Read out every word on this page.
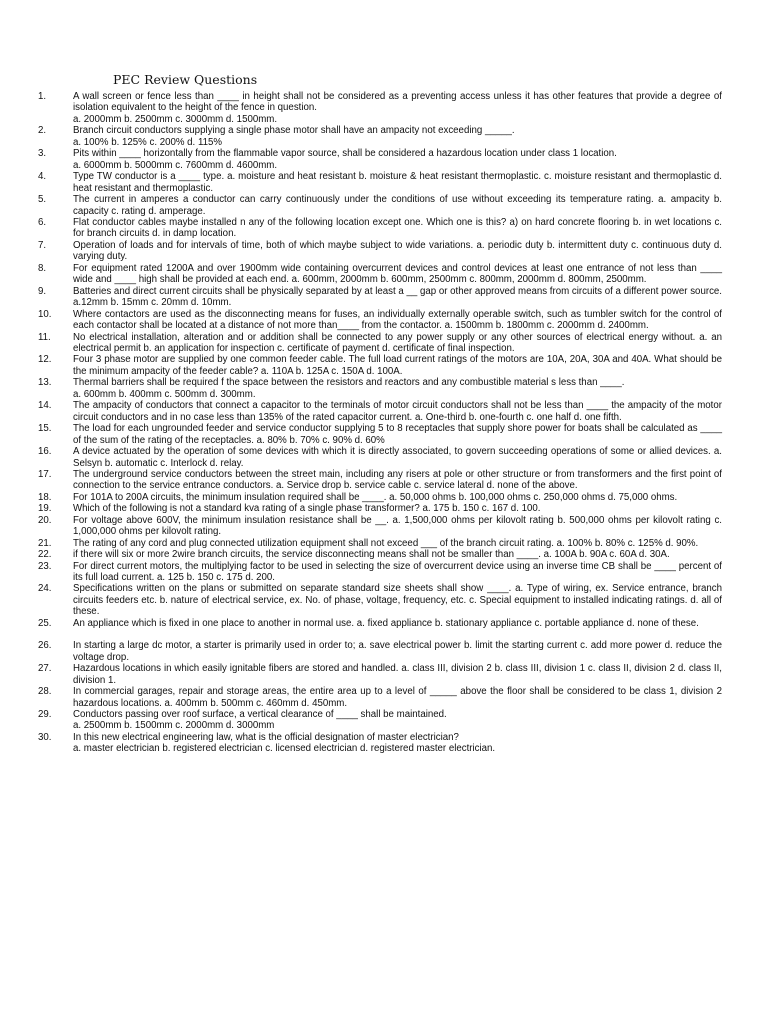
PEC Review Questions
1.	A wall screen or fence less than ____ in height shall not be considered as a preventing access unless it has other features that provide a degree of isolation equivalent to the height of the fence in question.
a. 2000mm b. 2500mm c. 3000mm d. 1500mm.
2.	Branch circuit conductors supplying a single phase motor shall have an ampacity not exceeding _____.
a. 100% b. 125% c. 200% d. 115%
3.	Pits within ____ horizontally from the flammable vapor source, shall be considered a hazardous location under class 1 location.
a. 6000mm b. 5000mm c. 7600mm d. 4600mm.
4.	Type TW conductor is a ____ type. a. moisture and heat resistant b. moisture & heat resistant thermoplastic. c. moisture resistant and thermoplastic d. heat resistant and thermoplastic.
5.	The current in amperes a conductor can carry continuously under the conditions of use without exceeding its temperature rating. a. ampacity b. capacity c. rating d. amperage.
6.	Flat conductor cables maybe installed n any of the following location except one. Which one is this? a) on hard concrete flooring b. in wet locations c. for branch circuits d. in damp location.
7.	Operation of loads and for intervals of time, both of which maybe subject to wide variations. a. periodic duty b. intermittent duty c. continuous duty d. varying duty.
8.	For equipment rated 1200A and over 1900mm wide containing overcurrent devices and control devices at least one entrance of not less than ____ wide and ____ high shall be provided at each end. a. 600mm, 2000mm b. 600mm, 2500mm c. 800mm, 2000mm d. 800mm, 2500mm.
9.	Batteries and direct current circuits shall be physically separated by at least a __ gap or other approved means from circuits of a different power source. a.12mm b. 15mm c. 20mm d. 10mm.
10. Where contactors are used as the disconnecting means for fuses, an individually externally operable switch, such as tumbler switch for the control of each contactor shall be located at a distance of not more than____ from the contactor. a. 1500mm b. 1800mm c. 2000mm d. 2400mm.
11. No electrical installation, alteration and or addition shall be connected to any power supply or any other sources of electrical energy without. a. an electrical permit b. an application for inspection c. certificate of payment d. certificate of final inspection.
12. Four 3 phase motor are supplied by one common feeder cable. The full load current ratings of the motors are 10A, 20A, 30A and 40A. What should be the minimum ampacity of the feeder cable? a. 110A b. 125A c. 150A d. 100A.
13. Thermal barriers shall be required f the space between the resistors and reactors and any combustible material s less than ____.
a. 600mm b. 400mm c. 500mm d. 300mm.
14. The ampacity of conductors that connect a capacitor to the terminals of motor circuit conductors shall not be less than ____ the ampacity of the motor circuit conductors and in no case less than 135% of the rated capacitor current. a. One-third b. one-fourth c. one half d. one fifth.
15. The load for each ungrounded feeder and service conductor supplying 5 to 8 receptacles that supply shore power for boats shall be calculated as ____ of the sum of the rating of the receptacles. a. 80% b. 70% c. 90% d. 60%
16. A device actuated by the operation of some devices with which it is directly associated, to govern succeeding operations of some or allied devices. a. Selsyn b. automatic c. Interlock d. relay.
17. The underground service conductors between the street main, including any risers at pole or other structure or from transformers and the first point of connection to the service entrance conductors. a. Service drop b. service cable c. service lateral d. none of the above.
18. For 101A to 200A circuits, the minimum insulation required shall be ____. a. 50,000 ohms b. 100,000 ohms c. 250,000 ohms d. 75,000 ohms.
19. Which of the following is not a standard kva rating of a single phase transformer? a. 175 b. 150 c. 167 d. 100.
20. For voltage above 600V, the minimum insulation resistance shall be __. a. 1,500,000 ohms per kilovolt rating b. 500,000 ohms per kilovolt rating c. 1,000,000 ohms per kilovolt rating.
21. The rating of any cord and plug connected utilization equipment shall not exceed ___ of the branch circuit rating. a. 100% b. 80% c. 125% d. 90%.
22. if there will six or more 2wire branch circuits, the service disconnecting means shall not be smaller than ____. a. 100A b. 90A c. 60A d. 30A.
23. For direct current motors, the multiplying factor to be used in selecting the size of overcurrent device using an inverse time CB shall be ____ percent of its full load current. a. 125 b. 150 c. 175 d. 200.
24. Specifications written on the plans or submitted on separate standard size sheets shall show ____. a. Type of wiring, ex. Service entrance, branch circuits feeders etc. b. nature of electrical service, ex. No. of phase, voltage, frequency, etc. c. Special equipment to installed indicating ratings. d. all of these.
25. An appliance which is fixed in one place to another in normal use. a. fixed appliance b. stationary appliance c. portable appliance d. none of these.
26. In starting a large dc motor, a starter is primarily used in order to; a. save electrical power b. limit the starting current c. add more power d. reduce the voltage drop.
27. Hazardous locations in which easily ignitable fibers are stored and handled. a. class III, division 2 b. class III, division 1 c. class II, division 2 d. class II, division 1.
28. In commercial garages, repair and storage areas, the entire area up to a level of _____ above the floor shall be considered to be class 1, division 2 hazardous locations. a. 400mm b. 500mm c. 460mm d. 450mm.
29. Conductors passing over roof surface, a vertical clearance of ____ shall be maintained.
a. 2500mm b. 1500mm c. 2000mm d. 3000mm
30. In this new electrical engineering law, what is the official designation of master electrician?
a. master electrician b. registered electrician c. licensed electrician d. registered master electrician.
